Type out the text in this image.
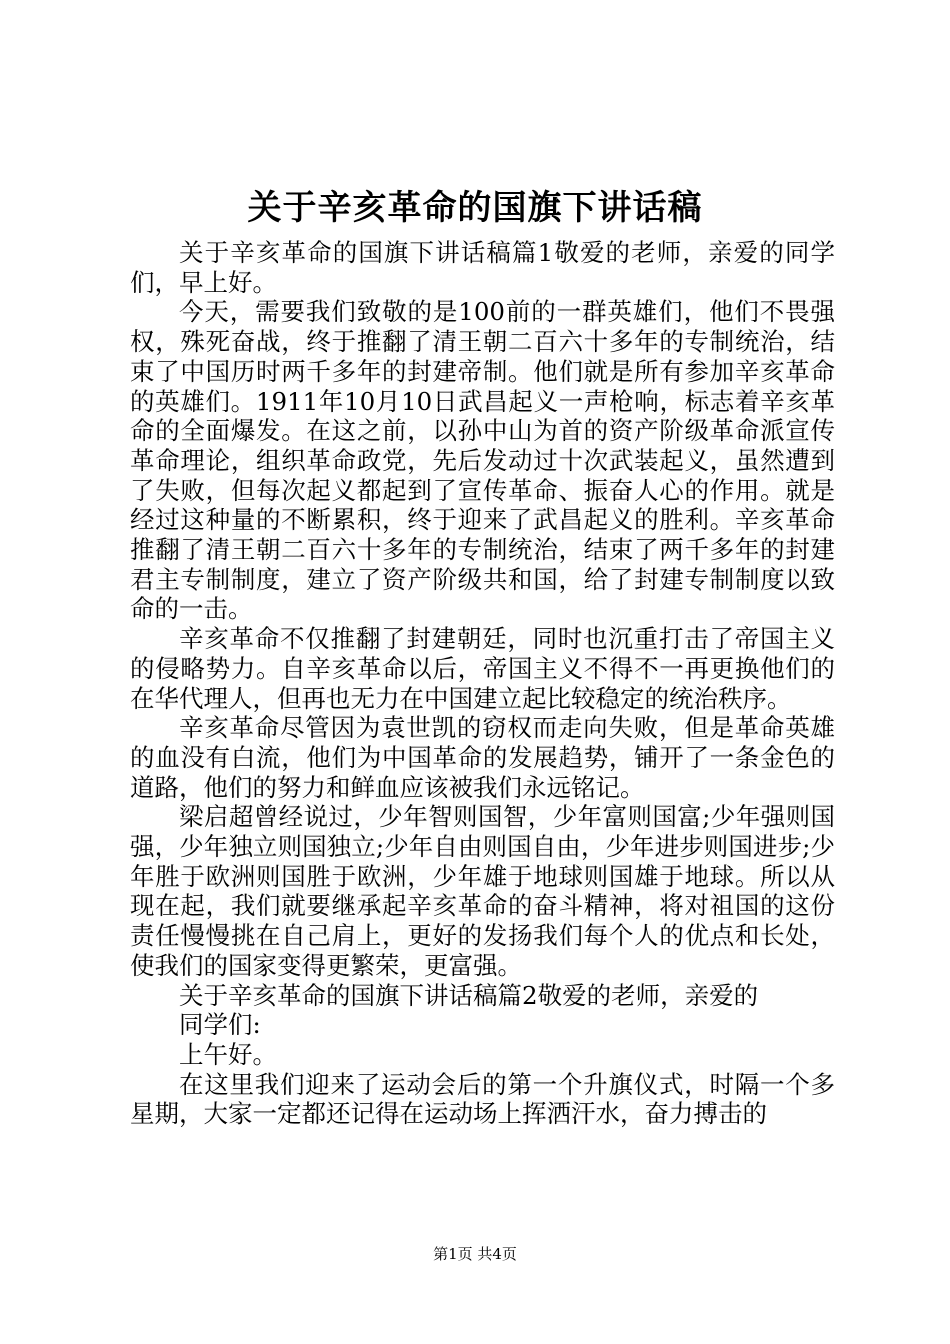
关于辛亥革命的国旗下讲话稿

关于辛亥革命的国旗下讲话稿篇1敬爱的老师，亲爱的同学们，早上好。

今天，需要我们致敬的是100前的一群英雄们，他们不畏强权，殊死奋战，终于推翻了清王朝二百六十多年的专制统治，结束了中国历时两千多年的封建帝制。他们就是所有参加辛亥革命的英雄们。1911年10月10日武昌起义一声枪响，标志着辛亥革命的全面爆发。在这之前，以孙中山为首的资产阶级革命派宣传革命理论，组织革命政党，先后发动过十次武装起义，虽然遭到了失败，但每次起义都起到了宣传革命、振奋人心的作用。就是经过这种量的不断累积，终于迎来了武昌起义的胜利。辛亥革命推翻了清王朝二百六十多年的专制统治，结束了两千多年的封建君主专制制度，建立了资产阶级共和国，给了封建专制制度以致命的一击。

辛亥革命不仅推翻了封建朝廷，同时也沉重打击了帝国主义的侵略势力。自辛亥革命以后，帝国主义不得不一再更换他们的在华代理人，但再也无力在中国建立起比较稳定的统治秩序。

辛亥革命尽管因为袁世凯的窃权而走向失败，但是革命英雄的血没有白流，他们为中国革命的发展趋势，铺开了一条金色的道路，他们的努力和鲜血应该被我们永远铭记。

梁启超曾经说过，少年智则国智，少年富则国富;少年强则国强，少年独立则国独立;少年自由则国自由，少年进步则国进步;少年胜于欧洲则国胜于欧洲，少年雄于地球则国雄于地球。所以从现在起，我们就要继承起辛亥革命的奋斗精神，将对祖国的这份责任慢慢挑在自己肩上，更好的发扬我们每个人的优点和长处，使我们的国家变得更繁荣，更富强。

关于辛亥革命的国旗下讲话稿篇2敬爱的老师，亲爱的

同学们:

上午好。

在这里我们迎来了运动会后的第一个升旗仪式，时隔一个多星期，大家一定都还记得在运动场上挥洒汗水，奋力搏击的

第1页 共4页
